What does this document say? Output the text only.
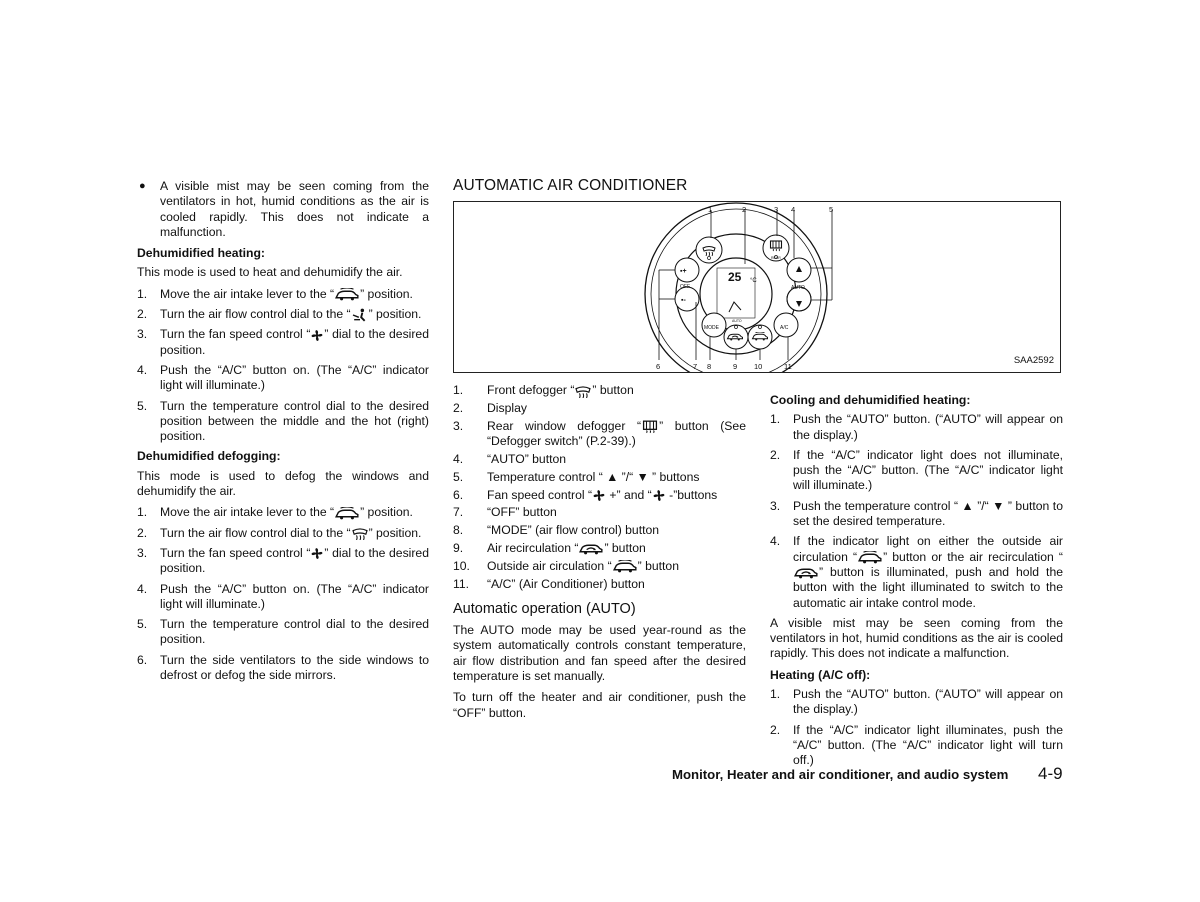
● A visible mist may be seen coming from the ventilators in hot, humid conditions as the air is cooled rapidly. This does not indicate a malfunction.
Dehumidified heating:

This mode is used to heat and dehumidify the air.

1. Move the air intake lever to the “ ” position.
2. Turn the air flow control dial to the “ ” position.
3. Turn the fan speed control “ ” dial to the desired position.
4. Push the “A/C” button on. (The “A/C” indicator light will illuminate.)
5. Turn the temperature control dial to the desired position between the middle and the hot (right) position.
Dehumidified defogging:

This mode is used to defog the windows and dehumidify the air.

1. Move the air intake lever to the “ ” position.
2. Turn the air flow control dial to the “ ” position.
3. Turn the fan speed control “ ” dial to the desired position.
4. Push the “A/C” button on. (The “A/C” indicator light will illuminate.)
5. Turn the temperature control dial to the desired position.
6. Turn the side ventilators to the side windows to defrost or defog the side mirrors.
AUTOMATIC AIR CONDITIONER
1	2	3 4	5
6	7 8	9 10	11
OFF
MODE
AUTO
A/C
25 °C
AUTO
REAR
▪+
▪-
SAA2592
1. Front defogger “ ” button
2. Display
3. Rear window defogger “ ” button (See “Defogger switch” (P.2-39).)
4. “AUTO” button
5. Temperature control “ ▲ ”/“ ▼ ” buttons
6. Fan speed control “ +” and “ -”buttons
7. “OFF” button
8. “MODE” (air flow control) button
9. Air recirculation “ ” button
10. Outside air circulation “ ” button
11. “A/C” (Air Conditioner) button
Automatic operation (AUTO)

The AUTO mode may be used year-round as the system automatically controls constant temperature, air flow distribution and fan speed after the desired temperature is set manually.

To turn off the heater and air conditioner, push the “OFF” button.

Cooling and dehumidified heating:
1. Push the “AUTO” button. (“AUTO” will appear on the display.)
2. If the “A/C” indicator light does not illuminate, push the “A/C” button. (The “A/C” indicator light will illuminate.)
3. Push the temperature control “ ▲ ”/“ ▼ ” button to set the desired temperature.
4. If the indicator light on either the outside air circulation “ ” button or the air recirculation “” button is illuminated, push and hold the button with the light illuminated to switch to the automatic air intake control mode.

A visible mist may be seen coming from the ventilators in hot, humid conditions as the air is cooled rapidly. This does not indicate a malfunction.

Heating (A/C off):
1. Push the “AUTO” button. (“AUTO” will appear on the display.)
2. If the “A/C” indicator light illuminates, push the “A/C” button. (The “A/C” indicator light will turn off.)
Monitor, Heater and air conditioner, and audio system 4-9
